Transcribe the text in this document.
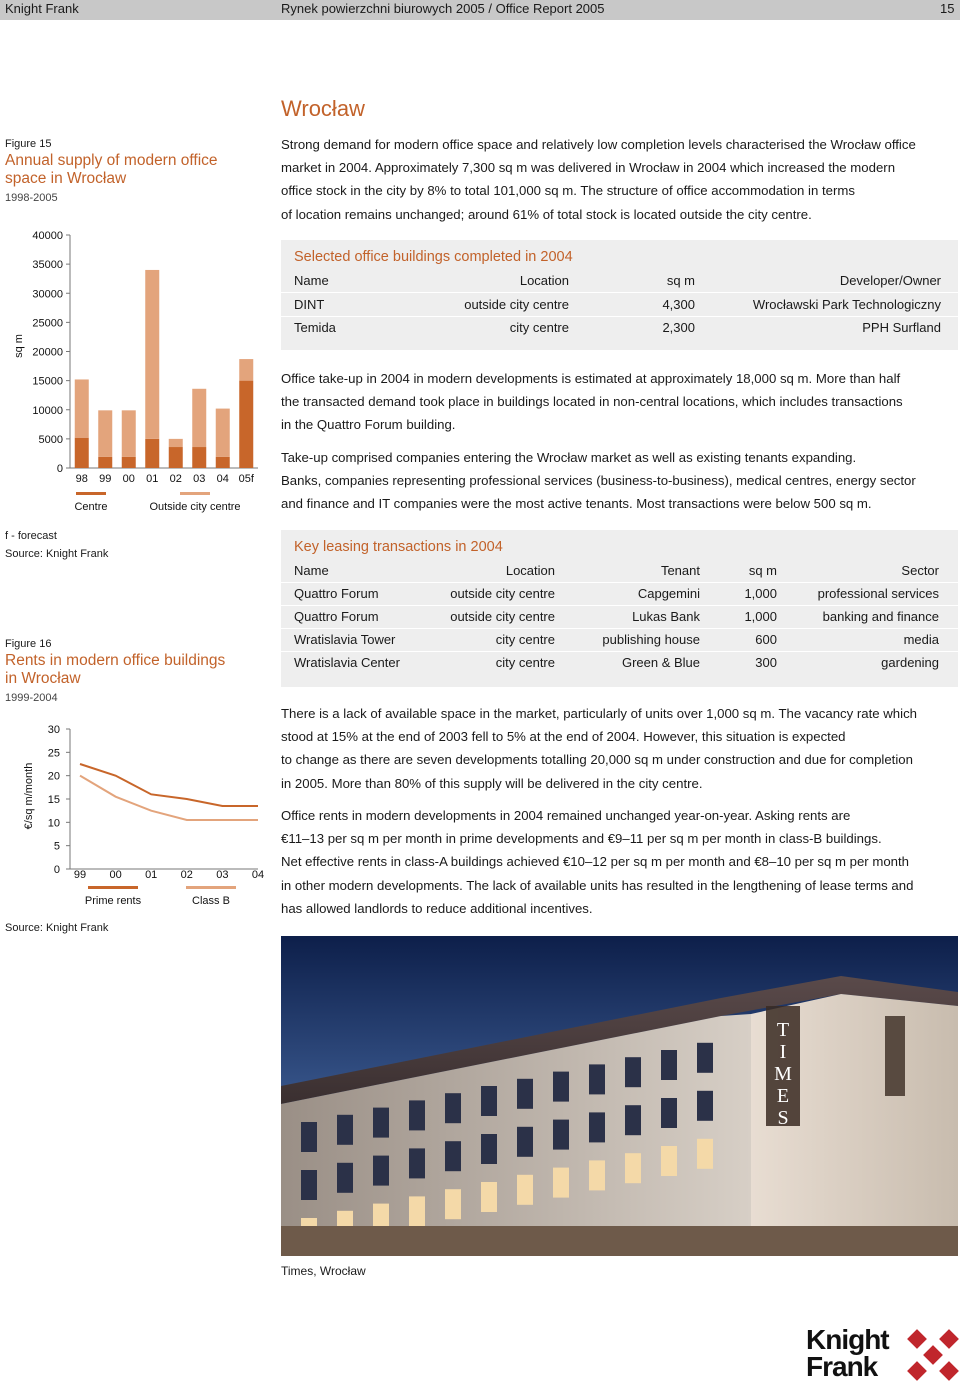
Knight Frank	Rynek powierzchni biurowych 2005 / Office Report 2005	15
Figure 15
Annual supply of modern office
space in Wrocław
1998-2005
sq m
40000
35000
30000
25000
20000
15000
10000
5000
0
98 99 00 01 02 03 04 05f
Centre	Outside city centre
f - forecast
Source: Knight Frank
Figure 16
Rents in modern office buildings
in Wrocław
1999-2004
€/sq m/month
30
25
20
15
10
5
0 99 00 01 02 03 04
Prime rents	Class B
Source: Knight Frank
Wrocław
Strong demand for modern office space and relatively low completion levels characterised the Wrocław office
market in 2004. Approximately 7,300 sq m was delivered in Wrocław in 2004 which increased the modern
office stock in the city by 8% to total 101,000 sq m. The structure of office accommodation in terms
of location remains unchanged; around 61% of total stock is located outside the city centre.
Selected office buildings completed in 2004
Name	Location	sq m	Developer/Owner
DINT	outside city centre	4,300	Wrocławski Park Technologiczny
Temida	city centre	2,300	PPH Surfland
Office take-up in 2004 in modern developments is estimated at approximately 18,000 sq m. More than half
the transacted demand took place in buildings located in non-central locations, which includes transactions
in the Quattro Forum building.
Take-up comprised companies entering the Wrocław market as well as existing tenants expanding.
Banks, companies representing professional services (business-to-business), medical centres, energy sector
and finance and IT companies were the most active tenants. Most transactions were below 500 sq m.
Key leasing transactions in 2004
Name	Location	Tenant	sq m	Sector
Quattro Forum	outside city centre	Capgemini	1,000	professional services
Quattro Forum	outside city centre	Lukas Bank	1,000	banking and finance
Wratislavia Tower	city centre	publishing house	600	media
Wratislavia Center	city centre	Green & Blue	300	gardening
There is a lack of available space in the market, particularly of units over 1,000 sq m. The vacancy rate which
stood at 15% at the end of 2003 fell to 5% at the end of 2004. However, this situation is expected
to change as there are seven developments totalling 20,000 sq m under construction and due for completion
in 2005. More than 80% of this supply will be delivered in the city centre.
Office rents in modern developments in 2004 remained unchanged year-on-year. Asking rents are
€11–13 per sq m per month in prime developments and €9–11 per sq m per month in class-B buildings.
Net effective rents in class-A buildings achieved €10–12 per sq m per month and €8–10 per sq m per month
in other modern developments. The lack of available units has resulted in the lengthening of lease terms and
has allowed landlords to reduce additional incentives.
T
I
M
E
S
Times, Wrocław
Knight
Frank
